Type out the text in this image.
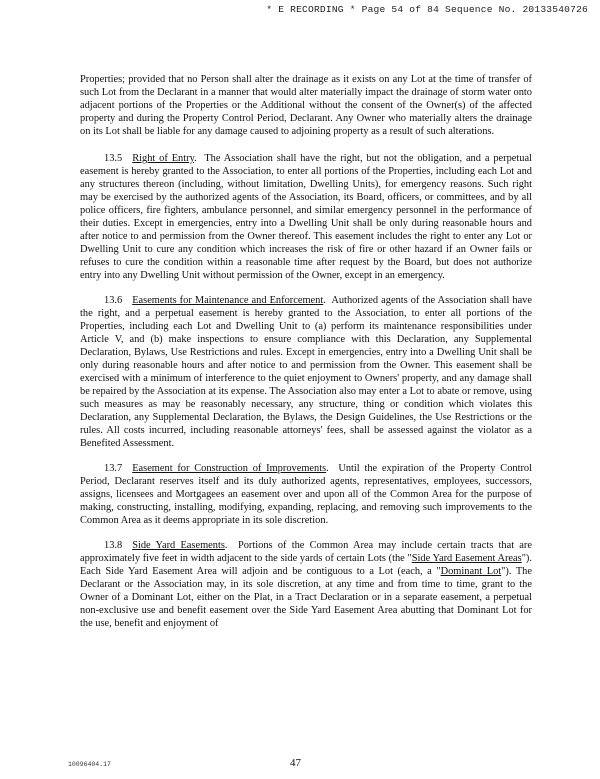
* E RECORDING * Page 54 of 84 Sequence No. 20133540726

Properties; provided that no Person shall alter the drainage as it exists on any Lot at the time of transfer of such Lot from the Declarant in a manner that would alter materially impact the drainage of storm water onto adjacent portions of the Properties or the Additional without the consent of the Owner(s) of the affected property and during the Property Control Period, Declarant. Any Owner who materially alters the drainage on its Lot shall be liable for any damage caused to adjoining property as a result of such alterations.

13.5 Right of Entry.  The Association shall have the right, but not the obligation, and a perpetual easement is hereby granted to the Association, to enter all portions of the Properties, including each Lot and any structures thereon (including, without limitation, Dwelling Units), for emergency reasons. Such right may be exercised by the authorized agents of the Association, its Board, officers, or committees, and by all police officers, fire fighters, ambulance personnel, and similar emergency personnel in the performance of their duties. Except in emergencies, entry into a Dwelling Unit shall be only during reasonable hours and after notice to and permission from the Owner thereof. This easement includes the right to enter any Lot or Dwelling Unit to cure any condition which increases the risk of fire or other hazard if an Owner fails or refuses to cure the condition within a reasonable time after request by the Board, but does not authorize entry into any Dwelling Unit without permission of the Owner, except in an emergency.

13.6 Easements for Maintenance and Enforcement.  Authorized agents of the Association shall have the right, and a perpetual easement is hereby granted to the Association, to enter all portions of the Properties, including each Lot and Dwelling Unit to (a) perform its maintenance responsibilities under Article V, and (b) make inspections to ensure compliance with this Declaration, any Supplemental Declaration, Bylaws, Use Restrictions and rules. Except in emergencies, entry into a Dwelling Unit shall be only during reasonable hours and after notice to and permission from the Owner. This easement shall be exercised with a minimum of interference to the quiet enjoyment to Owners' property, and any damage shall be repaired by the Association at its expense. The Association also may enter a Lot to abate or remove, using such measures as may be reasonably necessary, any structure, thing or condition which violates this Declaration, any Supplemental Declaration, the Bylaws, the Design Guidelines, the Use Restrictions or the rules. All costs incurred, including reasonable attorneys' fees, shall be assessed against the violator as a Benefited Assessment.

13.7 Easement for Construction of Improvements.  Until the expiration of the Property Control Period, Declarant reserves itself and its duly authorized agents, representatives, employees, successors, assigns, licensees and Mortgagees an easement over and upon all of the Common Area for the purpose of making, constructing, installing, modifying, expanding, replacing, and removing such improvements to the Common Area as it deems appropriate in its sole discretion.

13.8 Side Yard Easements.  Portions of the Common Area may include certain tracts that are approximately five feet in width adjacent to the side yards of certain Lots (the "Side Yard Easement Areas"). Each Side Yard Easement Area will adjoin and be contiguous to a Lot (each, a "Dominant Lot"). The Declarant or the Association may, in its sole discretion, at any time and from time to time, grant to the Owner of a Dominant Lot, either on the Plat, in a Tract Declaration or in a separate easement, a perpetual non-exclusive use and benefit easement over the Side Yard Easement Area abutting that Dominant Lot for the use, benefit and enjoyment of

10096404.17	47
